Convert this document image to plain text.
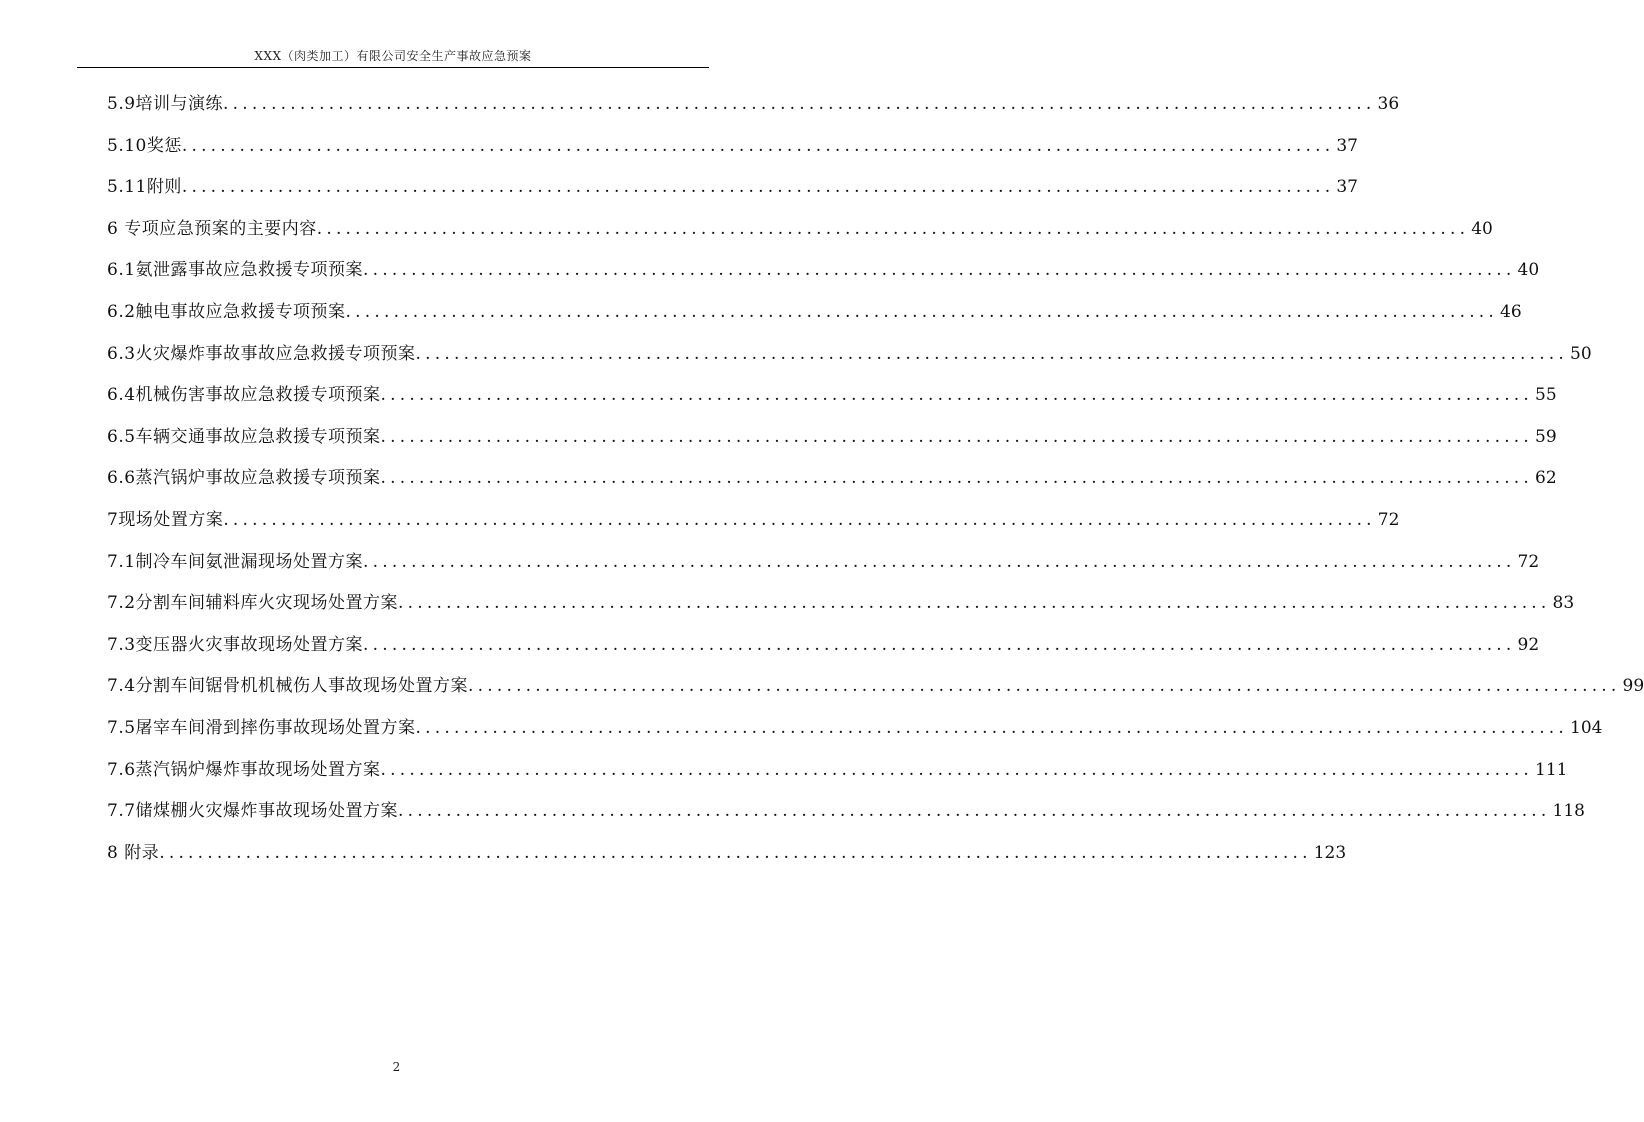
XXX（肉类加工）有限公司安全生产事故应急预案
5.9培训与演练 ........................................................................................................................ 36
5.10奖惩 ........................................................................................................................ 37
5.11附则 ........................................................................................................................ 37
6 专项应急预案的主要内容 ........................................................................................................................ 40
6.1氨泄露事故应急救援专项预案 ........................................................................................................................ 40
6.2触电事故应急救援专项预案 ........................................................................................................................ 46
6.3火灾爆炸事故事故应急救援专项预案 ........................................................................................................................ 50
6.4机械伤害事故应急救援专项预案 ........................................................................................................................ 55
6.5车辆交通事故应急救援专项预案 ........................................................................................................................ 59
6.6蒸汽锅炉事故应急救援专项预案 ........................................................................................................................ 62
7现场处置方案 ........................................................................................................................ 72
7.1制冷车间氨泄漏现场处置方案 ........................................................................................................................ 72
7.2分割车间辅料库火灾现场处置方案 ........................................................................................................................ 83
7.3变压器火灾事故现场处置方案 ........................................................................................................................ 92
7.4分割车间锯骨机机械伤人事故现场处置方案 ........................................................................................................................ 99
7.5屠宰车间滑到摔伤事故现场处置方案 ........................................................................................................................ 104
7.6蒸汽锅炉爆炸事故现场处置方案 ........................................................................................................................ 111
7.7储煤棚火灾爆炸事故现场处置方案 ........................................................................................................................ 118
8 附录 ........................................................................................................................ 123
2
